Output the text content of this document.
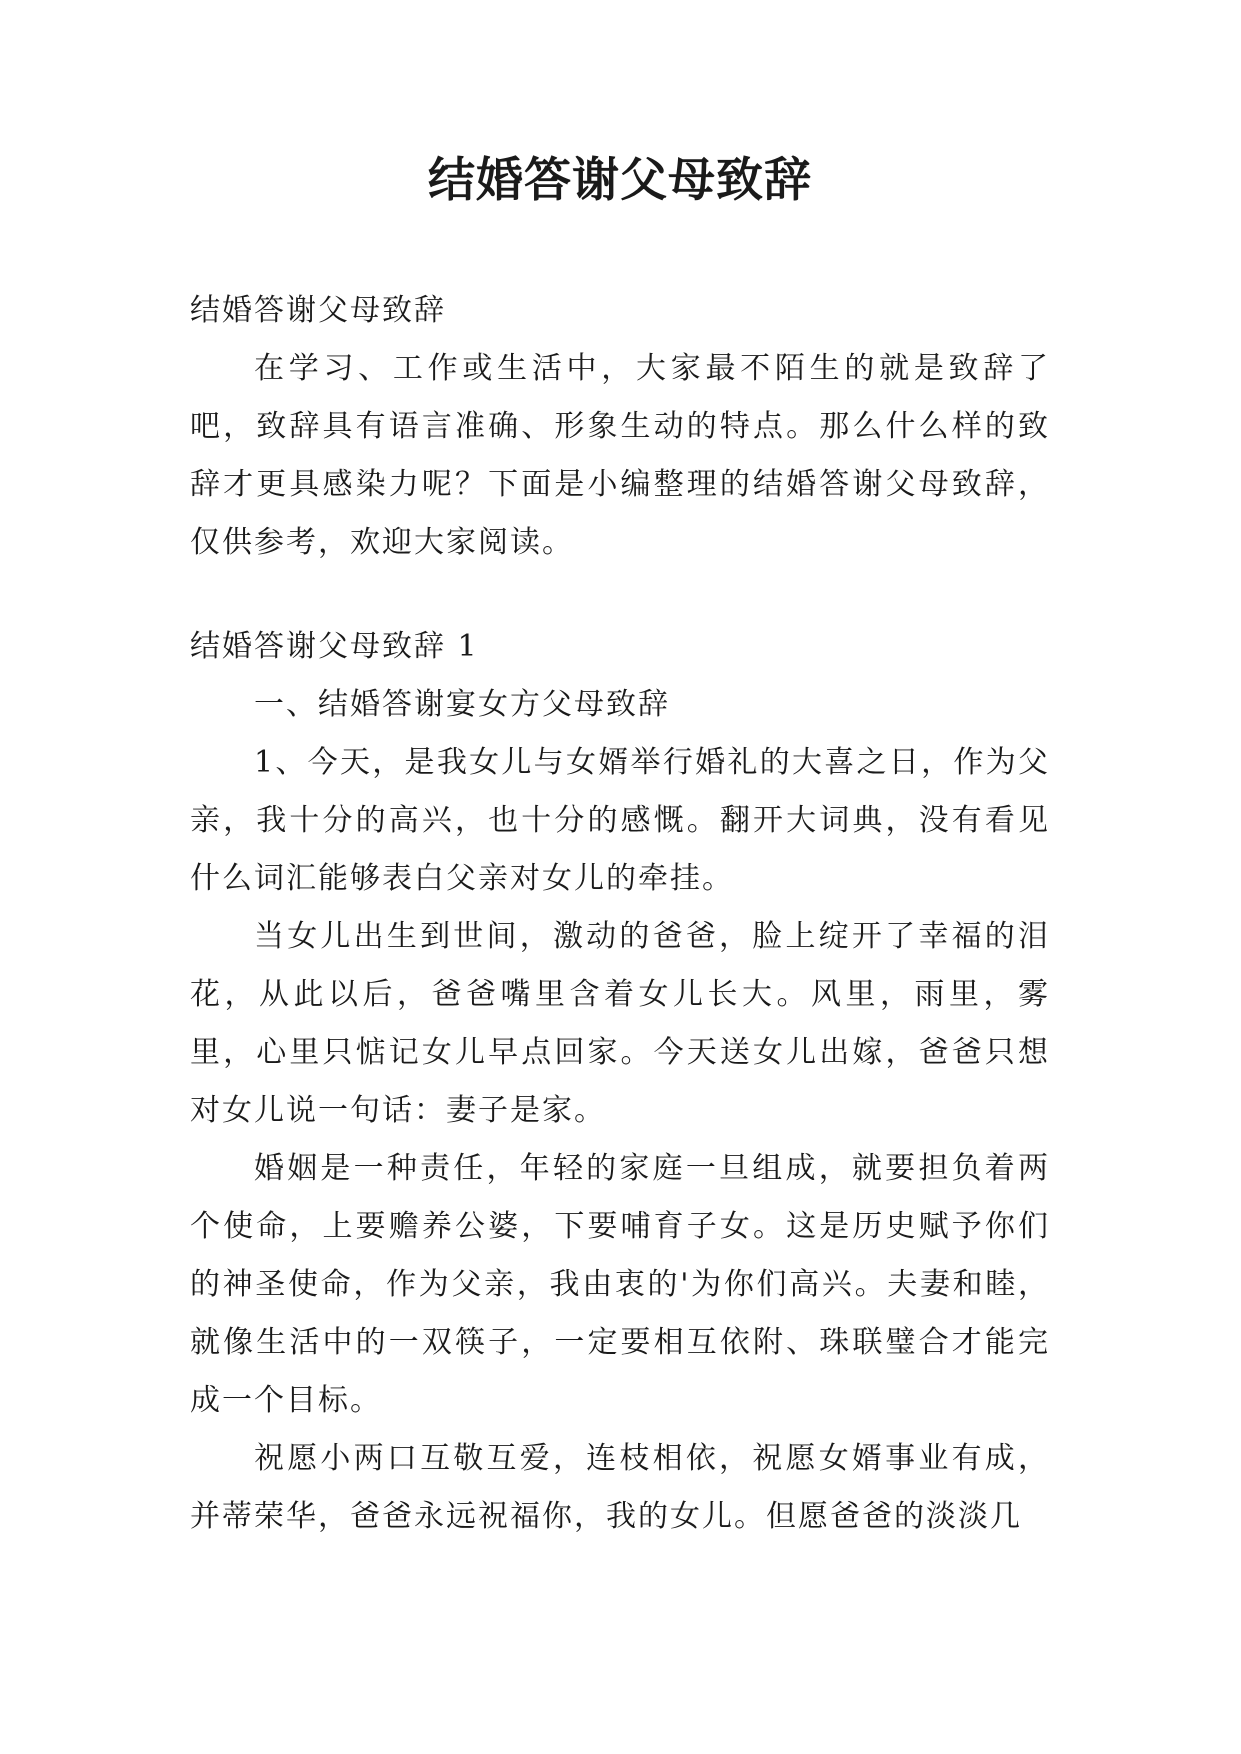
结婚答谢父母致辞

结婚答谢父母致辞

在学习、工作或生活中，大家最不陌生的就是致辞了吧，致辞具有语言准确、形象生动的特点。那么什么样的致辞才更具感染力呢？下面是小编整理的结婚答谢父母致辞，仅供参考，欢迎大家阅读。

结婚答谢父母致辞 1

一、结婚答谢宴女方父母致辞

1、今天，是我女儿与女婿举行婚礼的大喜之日，作为父亲，我十分的高兴，也十分的感慨。翻开大词典，没有看见什么词汇能够表白父亲对女儿的牵挂。

当女儿出生到世间，激动的爸爸，脸上绽开了幸福的泪花，从此以后，爸爸嘴里含着女儿长大。风里，雨里，雾里，心里只惦记女儿早点回家。今天送女儿出嫁，爸爸只想对女儿说一句话：妻子是家。

婚姻是一种责任，年轻的家庭一旦组成，就要担负着两个使命，上要赡养公婆，下要哺育子女。这是历史赋予你们的神圣使命，作为父亲，我由衷的'为你们高兴。夫妻和睦，就像生活中的一双筷子，一定要相互依附、珠联璧合才能完成一个目标。

祝愿小两口互敬互爱，连枝相依，祝愿女婿事业有成，并蒂荣华，爸爸永远祝福你，我的女儿。但愿爸爸的淡淡几
